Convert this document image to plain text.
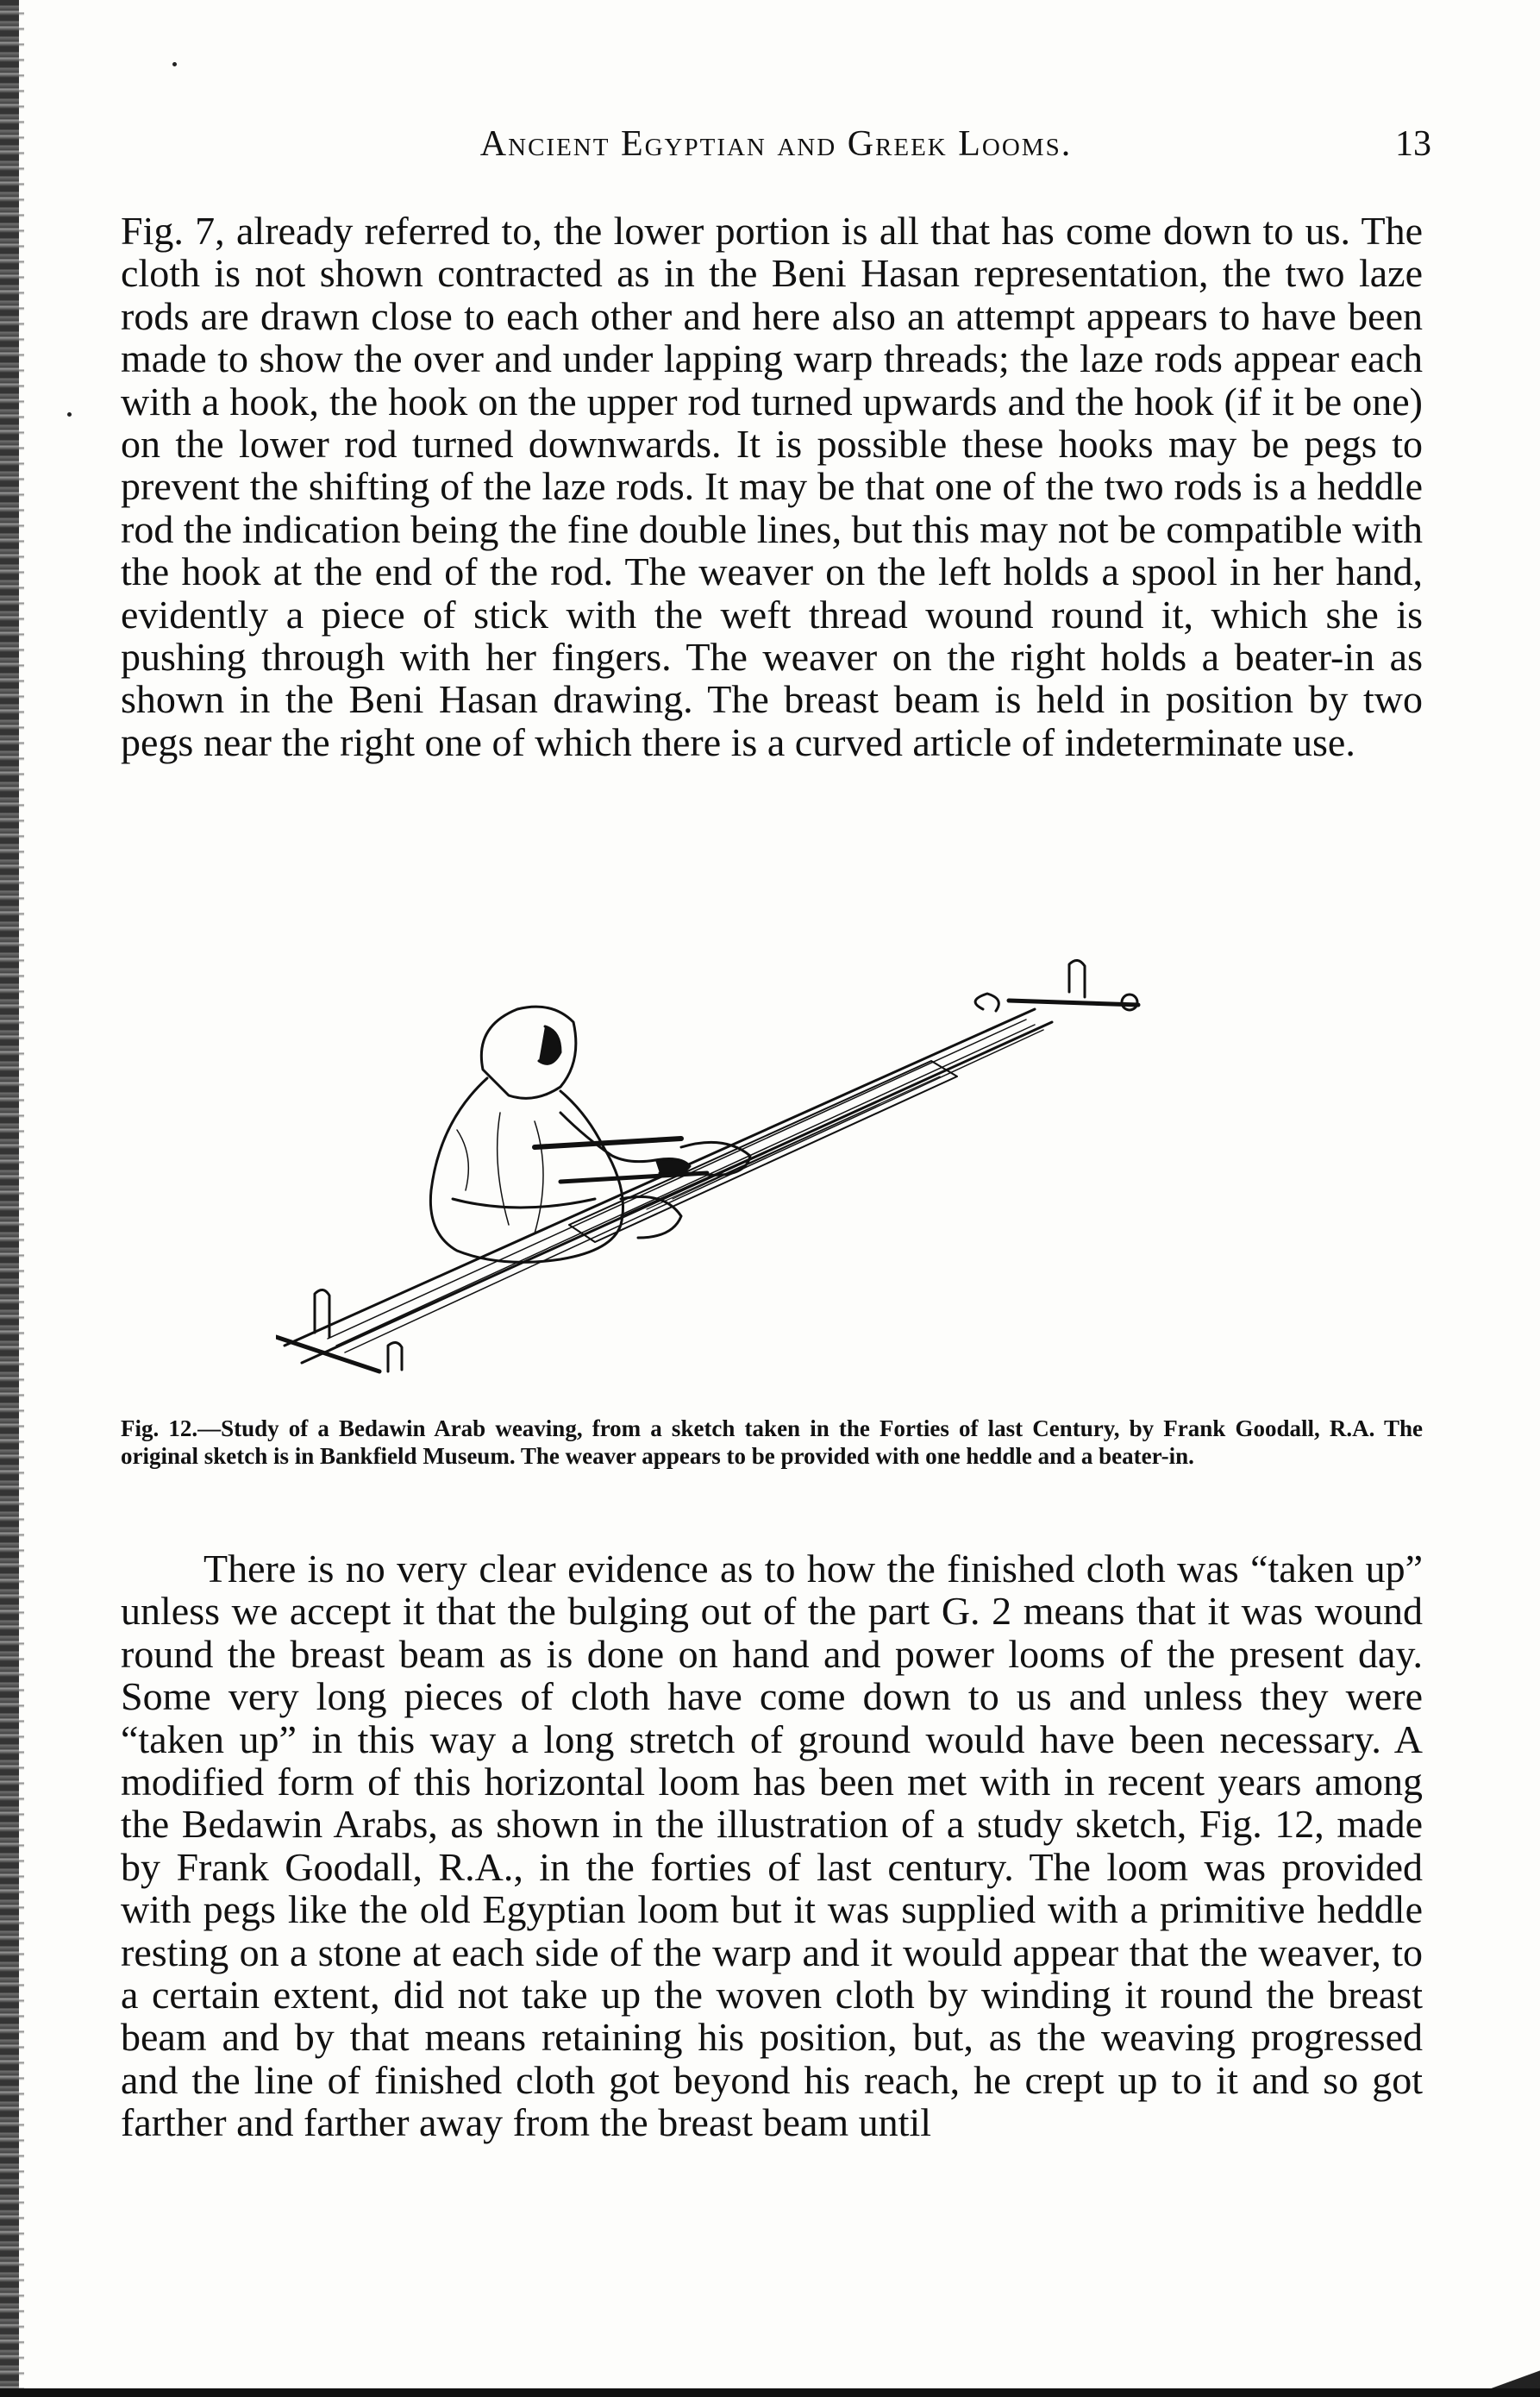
Ancient Egyptian and Greek Looms.	13
Fig. 7, already referred to, the lower portion is all that has come down to us. The cloth is not shown contracted as in the Beni Hasan representation, the two laze rods are drawn close to each other and here also an attempt appears to have been made to show the over and under lapping warp threads; the laze rods appear each with a hook, the hook on the upper rod turned upwards and the hook (if it be one) on the lower rod turned downwards. It is possible these hooks may be pegs to prevent the shifting of the laze rods. It may be that one of the two rods is a heddle rod the indication being the fine double lines, but this may not be compatible with the hook at the end of the rod. The weaver on the left holds a spool in her hand, evidently a piece of stick with the weft thread wound round it, which she is pushing through with her fingers. The weaver on the right holds a beater-in as shown in the Beni Hasan drawing. The breast beam is held in position by two pegs near the right one of which there is a curved article of indeterminate use.
Fig. 12.—Study of a Bedawin Arab weaving, from a sketch taken in the Forties of last Century, by Frank Goodall, R.A. The original sketch is in Bankfield Museum. The weaver appears to be provided with one heddle and a beater-in.
There is no very clear evidence as to how the finished cloth was “taken up” unless we accept it that the bulging out of the part G. 2 means that it was wound round the breast beam as is done on hand and power looms of the present day. Some very long pieces of cloth have come down to us and unless they were “taken up” in this way a long stretch of ground would have been necessary. A modified form of this horizontal loom has been met with in recent years among the Bedawin Arabs, as shown in the illustration of a study sketch, Fig. 12, made by Frank Goodall, R.A., in the forties of last century. The loom was provided with pegs like the old Egyptian loom but it was supplied with a primitive heddle resting on a stone at each side of the warp and it would appear that the weaver, to a certain extent, did not take up the woven cloth by winding it round the breast beam and by that means retaining his position, but, as the weaving progressed and the line of finished cloth got beyond his reach, he crept up to it and so got farther and farther away from the breast beam until
